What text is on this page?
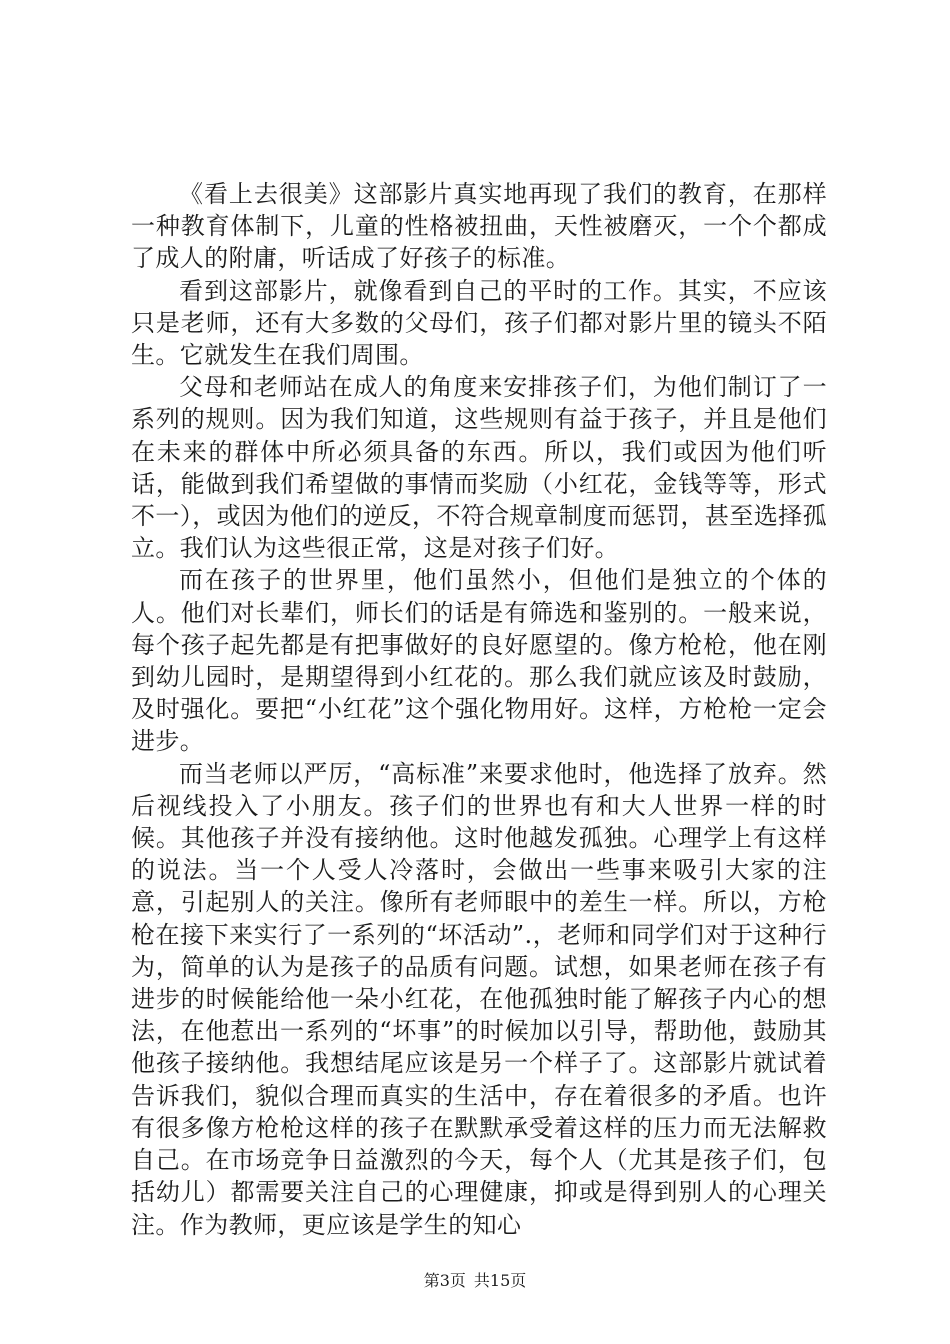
《看上去很美》这部影片真实地再现了我们的教育，在那样一种教育体制下，儿童的性格被扭曲，天性被磨灭，一个个都成了成人的附庸，听话成了好孩子的标准。

看到这部影片，就像看到自己的平时的工作。其实，不应该只是老师，还有大多数的父母们，孩子们都对影片里的镜头不陌生。它就发生在我们周围。

父母和老师站在成人的角度来安排孩子们，为他们制订了一系列的规则。因为我们知道，这些规则有益于孩子，并且是他们在未来的群体中所必须具备的东西。所以，我们或因为他们听话，能做到我们希望做的事情而奖励（小红花，金钱等等，形式不一），或因为他们的逆反，不符合规章制度而惩罚，甚至选择孤立。我们认为这些很正常，这是对孩子们好。

而在孩子的世界里，他们虽然小，但他们是独立的个体的人。他们对长辈们，师长们的话是有筛选和鉴别的。一般来说，每个孩子起先都是有把事做好的良好愿望的。像方枪枪，他在刚到幼儿园时，是期望得到小红花的。那么我们就应该及时鼓励，及时强化。要把“小红花”这个强化物用好。这样，方枪枪一定会进步。

而当老师以严厉，“高标准”来要求他时，他选择了放弃。然后视线投入了小朋友。孩子们的世界也有和大人世界一样的时候。其他孩子并没有接纳他。这时他越发孤独。心理学上有这样的说法。当一个人受人冷落时，会做出一些事来吸引大家的注意，引起别人的关注。像所有老师眼中的差生一样。所以，方枪枪在接下来实行了一系列的“坏活动”.，老师和同学们对于这种行为，简单的认为是孩子的品质有问题。试想，如果老师在孩子有进步的时候能给他一朵小红花，在他孤独时能了解孩子内心的想法，在他惹出一系列的“坏事”的时候加以引导，帮助他，鼓励其他孩子接纳他。我想结尾应该是另一个样子了。这部影片就试着告诉我们，貌似合理而真实的生活中，存在着很多的矛盾。也许有很多像方枪枪这样的孩子在默默承受着这样的压力而无法解救自己。在市场竞争日益激烈的今天，每个人（尤其是孩子们，包括幼儿）都需要关注自己的心理健康，抑或是得到别人的心理关注。作为教师，更应该是学生的知心

第3页 共15页
